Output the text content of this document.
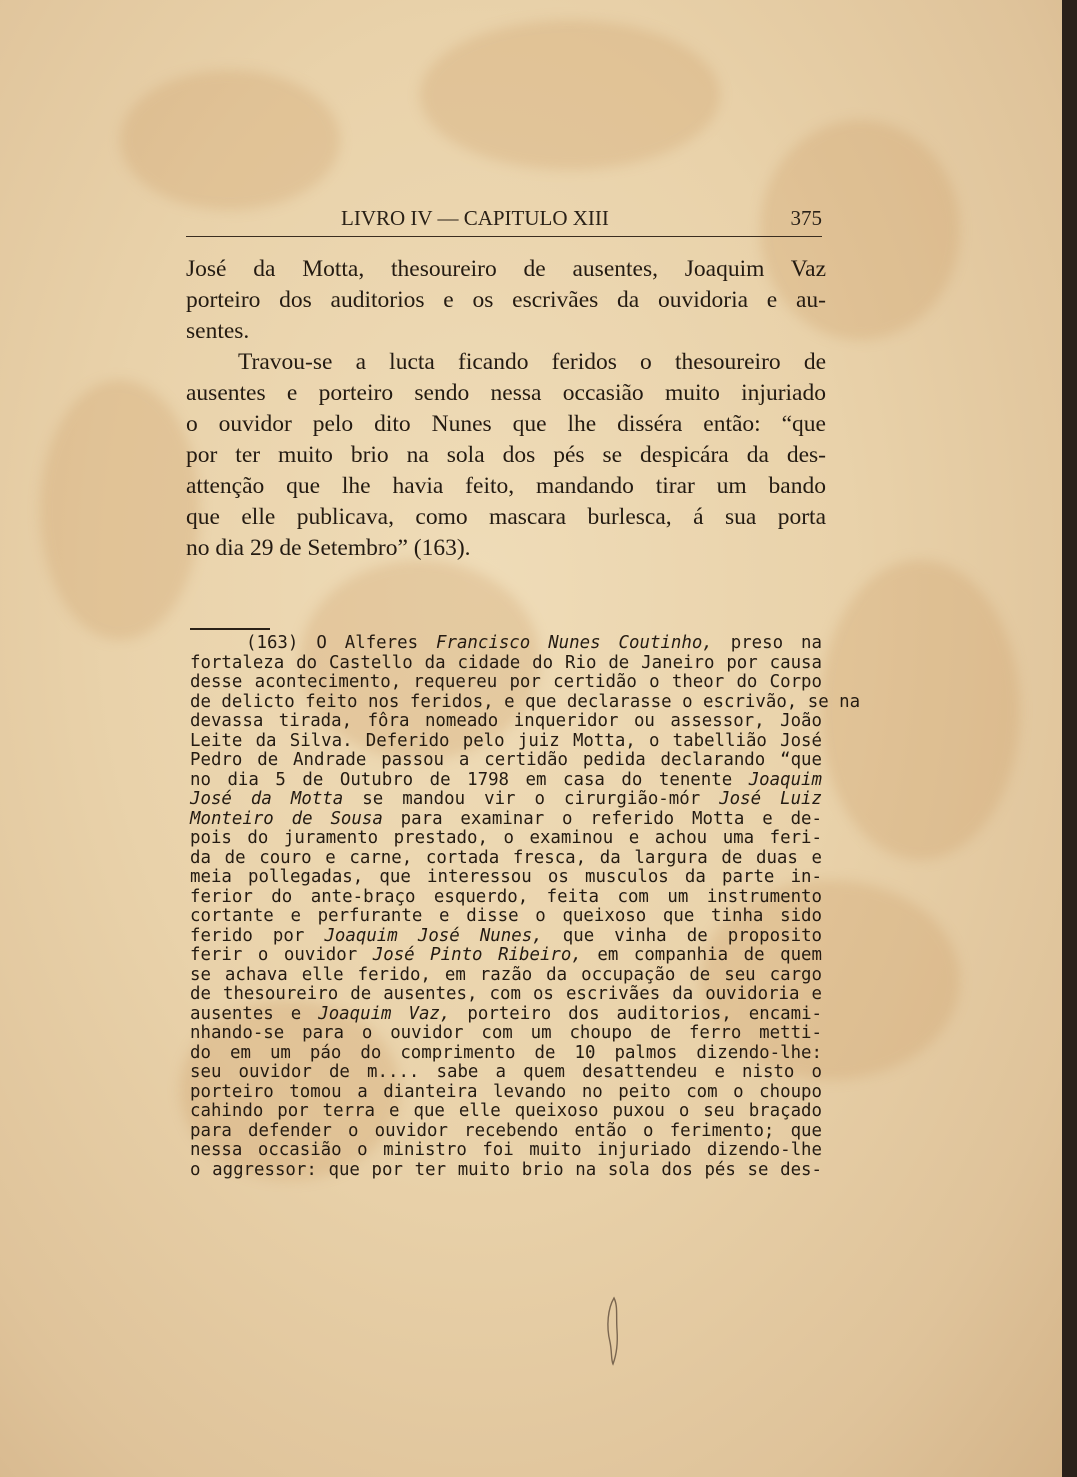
LIVRO IV — CAPITULO XIII	375
José da Motta, thesoureiro de ausentes, Joaquim Vaz
porteiro dos auditorios e os escrivães da ouvidoria e au-
sentes.
Travou-se a lucta ficando feridos o thesoureiro de
ausentes e porteiro sendo nessa occasião muito injuriado
o ouvidor pelo dito Nunes que lhe disséra então: “que
por ter muito brio na sola dos pés se despicára da des-
attenção que lhe havia feito, mandando tirar um bando
que elle publicava, como mascara burlesca, á sua porta
no dia 29 de Setembro” (163).
(163) O Alferes Francisco Nunes Coutinho, preso na
fortaleza do Castello da cidade do Rio de Janeiro por causa
desse acontecimento, requereu por certidão o theor do Corpo
de delicto feito nos feridos, e que declarasse o escrivão, se na
devassa tirada, fôra nomeado inqueridor ou assessor, João
Leite da Silva. Deferido pelo juiz Motta, o tabellião José
Pedro de Andrade passou a certidão pedida declarando “que
no dia 5 de Outubro de 1798 em casa do tenente Joaquim
José da Motta se mandou vir o cirurgião-mór José Luiz
Monteiro de Sousa para examinar o referido Motta e de-
pois do juramento prestado, o examinou e achou uma feri-
da de couro e carne, cortada fresca, da largura de duas e
meia pollegadas, que interessou os musculos da parte in-
ferior do ante-braço esquerdo, feita com um instrumento
cortante e perfurante e disse o queixoso que tinha sido
ferido por Joaquim José Nunes, que vinha de proposito
ferir o ouvidor José Pinto Ribeiro, em companhia de quem
se achava elle ferido, em razão da occupação de seu cargo
de thesoureiro de ausentes, com os escrivães da ouvidoria e
ausentes e Joaquim Vaz, porteiro dos auditorios, encami-
nhando-se para o ouvidor com um choupo de ferro metti-
do em um páo do comprimento de 10 palmos dizendo-lhe:
seu ouvidor de m.... sabe a quem desattendeu e nisto o
porteiro tomou a dianteira levando no peito com o choupo
cahindo por terra e que elle queixoso puxou o seu braçado
para defender o ouvidor recebendo então o ferimento; que
nessa occasião o ministro foi muito injuriado dizendo-lhe
o aggressor: que por ter muito brio na sola dos pés se des-
